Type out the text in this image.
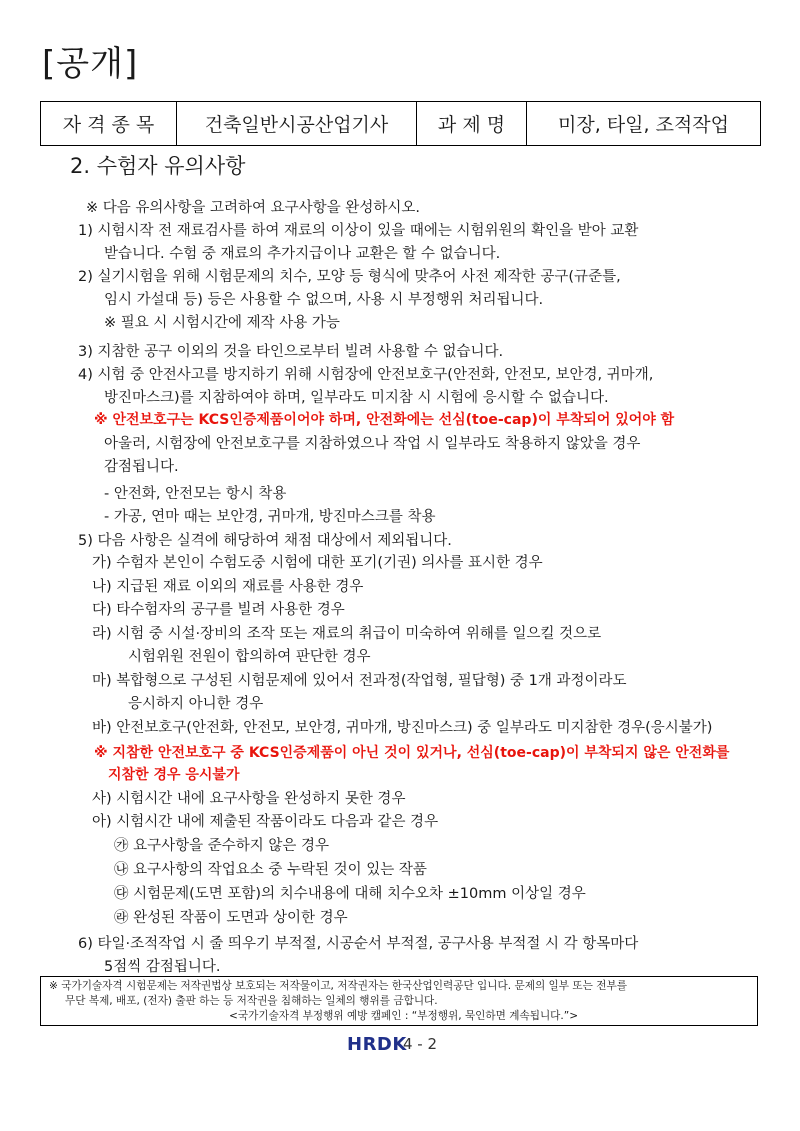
[공개]
자 격 종 목	건축일반시공산업기사	과 제 명	미장, 타일, 조적작업
2. 수험자 유의사항
※ 다음 유의사항을 고려하여 요구사항을 완성하시오.
1) 시험시작 전 재료검사를 하여 재료의 이상이 있을 때에는 시험위원의 확인을 받아 교환
받습니다. 수험 중 재료의 추가지급이나 교환은 할 수 없습니다.
2) 실기시험을 위해 시험문제의 치수, 모양 등 형식에 맞추어 사전 제작한 공구(규준틀,
임시 가설대 등) 등은 사용할 수 없으며, 사용 시 부정행위 처리됩니다.
※ 필요 시 시험시간에 제작 사용 가능
3) 지참한 공구 이외의 것을 타인으로부터 빌려 사용할 수 없습니다.
4) 시험 중 안전사고를 방지하기 위해 시험장에 안전보호구(안전화, 안전모, 보안경, 귀마개,
방진마스크)를 지참하여야 하며, 일부라도 미지참 시 시험에 응시할 수 없습니다.
※ 안전보호구는 KCS인증제품이어야 하며, 안전화에는 선심(toe-cap)이 부착되어 있어야 함
아울러, 시험장에 안전보호구를 지참하였으나 작업 시 일부라도 착용하지 않았을 경우
감점됩니다.
- 안전화, 안전모는 항시 착용
- 가공, 연마 때는 보안경, 귀마개, 방진마스크를 착용
5) 다음 사항은 실격에 해당하여 채점 대상에서 제외됩니다.
가) 수험자 본인이 수험도중 시험에 대한 포기(기권) 의사를 표시한 경우
나) 지급된 재료 이외의 재료를 사용한 경우
다) 타수험자의 공구를 빌려 사용한 경우
라) 시험 중 시설·장비의 조작 또는 재료의 취급이 미숙하여 위해를 일으킬 것으로
시험위원 전원이 합의하여 판단한 경우
마) 복합형으로 구성된 시험문제에 있어서 전과정(작업형, 필답형) 중 1개 과정이라도
응시하지 아니한 경우
바) 안전보호구(안전화, 안전모, 보안경, 귀마개, 방진마스크) 중 일부라도 미지참한 경우(응시불가)
※ 지참한 안전보호구 중 KCS인증제품이 아닌 것이 있거나, 선심(toe-cap)이 부착되지 않은 안전화를
지참한 경우 응시불가
사) 시험시간 내에 요구사항을 완성하지 못한 경우
아) 시험시간 내에 제출된 작품이라도 다음과 같은 경우
㉮ 요구사항을 준수하지 않은 경우
㉯ 요구사항의 작업요소 중 누락된 것이 있는 작품
㉰ 시험문제(도면 포함)의 치수내용에 대해 치수오차 ±10mm 이상일 경우
㉱ 완성된 작품이 도면과 상이한 경우
6) 타일·조적작업 시 줄 띄우기 부적절, 시공순서 부적절, 공구사용 부적절 시 각 항목마다
5점씩 감점됩니다.
※ 국가기술자격 시험문제는 저작권법상 보호되는 저작물이고, 저작권자는 한국산업인력공단 입니다. 문제의 일부 또는 전부를
무단 복제, 배포, (전자) 출판 하는 등 저작권을 침해하는 일체의 행위를 금합니다.
<국가기술자격 부정행위 예방 캠페인 : “부정행위, 묵인하면 계속됩니다.”>
HRDK
4 - 2
